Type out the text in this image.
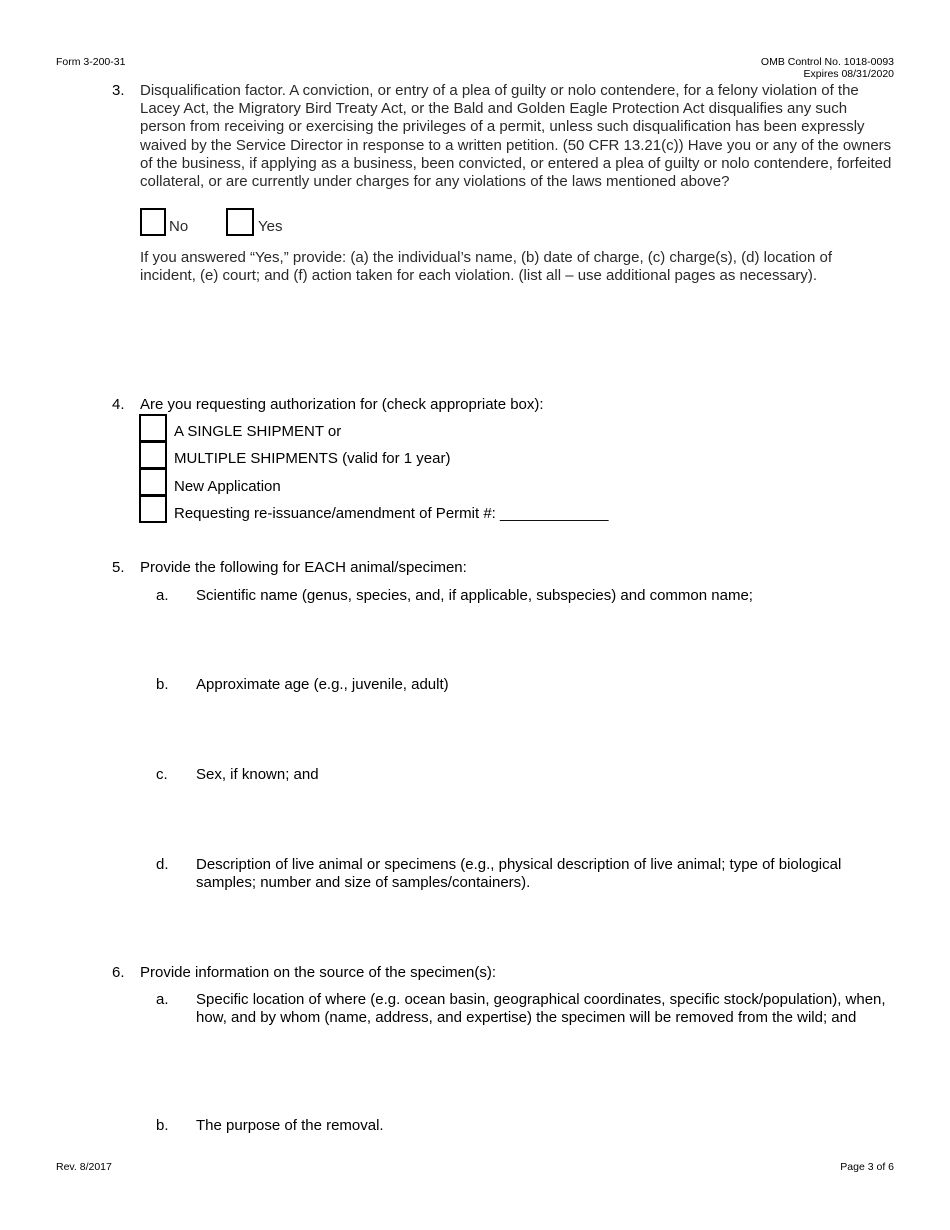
Form 3-200-31	OMB Control No. 1018-0093
Expires 08/31/2020
3. Disqualification factor. A conviction, or entry of a plea of guilty or nolo contendere, for a felony violation of the Lacey Act, the Migratory Bird Treaty Act, or the Bald and Golden Eagle Protection Act disqualifies any such person from receiving or exercising the privileges of a permit, unless such disqualification has been expressly waived by the Service Director in response to a written petition. (50 CFR 13.21(c)) Have you or any of the owners of the business, if applying as a business, been convicted, or entered a plea of guilty or nolo contendere, forfeited collateral, or are currently under charges for any violations of the laws mentioned above?
No	Yes
If you answered “Yes,” provide: (a) the individual’s name, (b) date of charge, (c) charge(s), (d) location of incident, (e) court; and (f) action taken for each violation. (list all – use additional pages as necessary).
4. Are you requesting authorization for (check appropriate box):
A SINGLE SHIPMENT or
MULTIPLE SHIPMENTS (valid for 1 year)
New Application
Requesting re-issuance/amendment of Permit #: _____________
5. Provide the following for EACH animal/specimen:
a. Scientific name (genus, species, and, if applicable, subspecies) and common name;
b. Approximate age (e.g., juvenile, adult)
c. Sex, if known; and
d. Description of live animal or specimens (e.g., physical description of live animal; type of biological samples; number and size of samples/containers).
6. Provide information on the source of the specimen(s):
a. Specific location of where (e.g. ocean basin, geographical coordinates, specific stock/population), when, how, and by whom (name, address, and expertise) the specimen will be removed from the wild; and
b. The purpose of the removal.
Rev. 8/2017	Page 3 of 6
